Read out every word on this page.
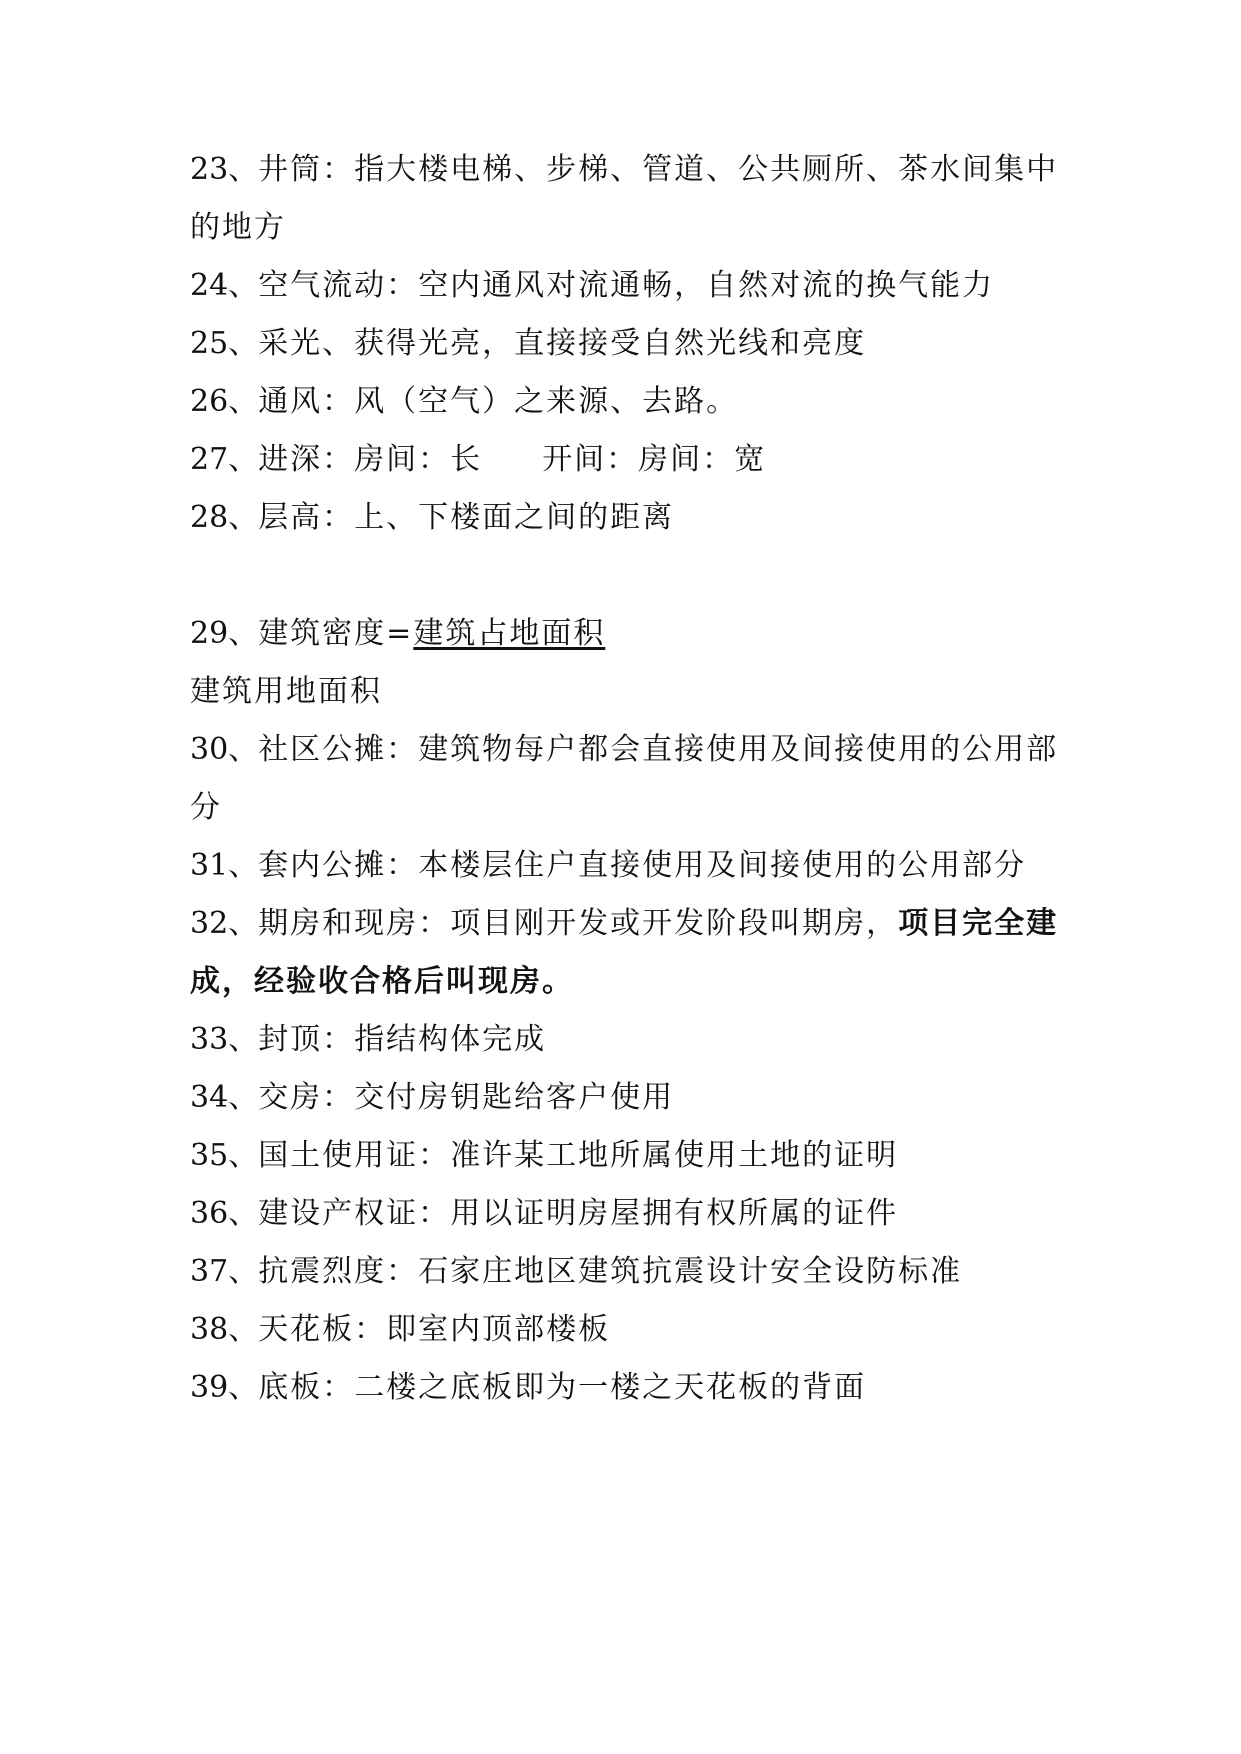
23、井筒：指大楼电梯、步梯、管道、公共厕所、茶水间集中
的地方
24、空气流动：空内通风对流通畅，自然对流的换气能力
25、采光、获得光亮，直接接受自然光线和亮度
26、通风：风（空气）之来源、去路。
27、进深：房间：长 开间：房间：宽
28、层高：上、下楼面之间的距离
29、建筑密度=建筑占地面积
建筑用地面积
30、社区公摊：建筑物每户都会直接使用及间接使用的公用部
分
31、套内公摊：本楼层住户直接使用及间接使用的公用部分
32、期房和现房：项目刚开发或开发阶段叫期房，项目完全建
成，经验收合格后叫现房。
33、封顶：指结构体完成
34、交房：交付房钥匙给客户使用
35、国土使用证：准许某工地所属使用土地的证明
36、建设产权证：用以证明房屋拥有权所属的证件
37、抗震烈度：石家庄地区建筑抗震设计安全设防标准
38、天花板：即室内顶部楼板
39、底板：二楼之底板即为一楼之天花板的背面
